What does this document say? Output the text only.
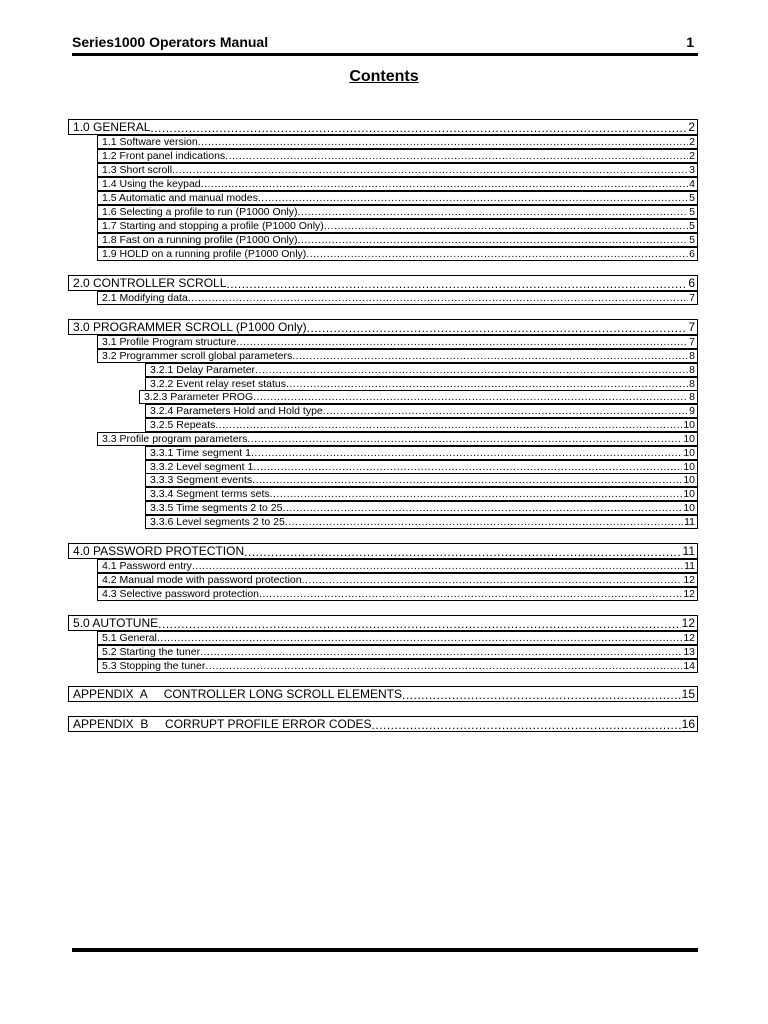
Series1000 Operators Manual	1
Contents
1.0 GENERAL .....	2
1.1 Software version .....	2
1.2 Front panel indications .....	2
1.3 Short scroll .....	3
1.4 Using the keypad .....	4
1.5 Automatic and manual modes .....	5
1.6 Selecting a profile to run (P1000 Only) .....	5
1.7 Starting and stopping a profile (P1000 Only) .....	5
1.8 Fast on a running profile (P1000 Only) .....	5
1.9 HOLD on a running profile (P1000 Only) .....	6
2.0 CONTROLLER SCROLL .....	6
2.1 Modifying data .....	7
3.0 PROGRAMMER SCROLL (P1000 Only) .....	7
3.1 Profile Program structure .....	7
3.2 Programmer scroll global parameters .....	8
3.2.1 Delay Parameter .....	8
3.2.2 Event relay reset status .....	8
3.2.3 Parameter PROG .....	8
3.2.4 Parameters Hold and Hold type .....	9
3.2.5 Repeats .....	10
3.3 Profile program parameters .....	10
3.3.1 Time segment 1 .....	10
3.3.2 Level segment 1 .....	10
3.3.3 Segment events .....	10
3.3.4 Segment terms sets .....	10
3.3.5 Time segments 2 to 25 .....	10
3.3.6 Level segments 2 to 25 .....	11
4.0 PASSWORD PROTECTION .....	11
4.1 Password entry .....	11
4.2 Manual mode with password protection .....	12
4.3 Selective password protection .....	12
5.0 AUTOTUNE .....	12
5.1 General .....	12
5.2 Starting the tuner .....	13
5.3 Stopping the tuner .....	14
APPENDIX  A     CONTROLLER LONG SCROLL ELEMENTS .....	15
APPENDIX  B     CORRUPT PROFILE ERROR CODES .....	16
